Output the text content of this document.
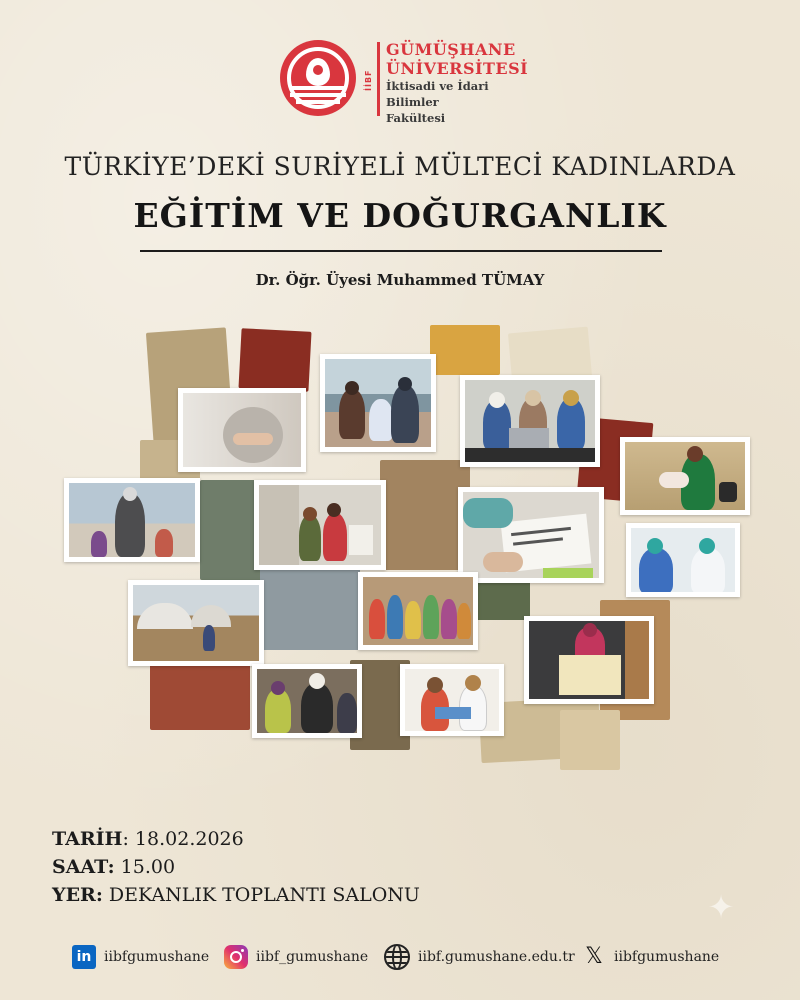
İİBF
GÜMÜŞHANE
ÜNİVERSİTESİ
İktisadi ve İdari Bilimler
Fakültesi
TÜRKİYE’DEKİ SURİYELİ MÜLTECİ KADINLARDA
EĞİTİM VE DOĞURGANLIK
Dr. Öğr. Üyesi Muhammed TÜMAY
TARİH: 18.02.2026
SAAT: 15.00
YER: DEKANLIK TOPLANTI SALONU	✦
in iibfgumushane	iibf_gumushane	iibf.gumushane.edu.tr 𝕏 iibfgumushane
